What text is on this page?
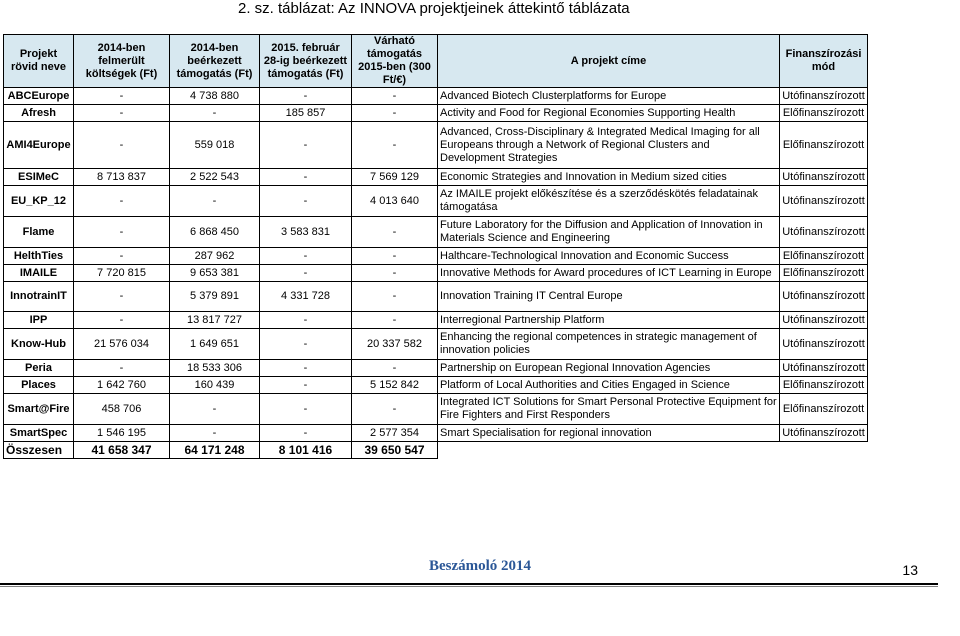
2. sz. táblázat: Az INNOVA projektjeinek áttekintő táblázata
Projekt rövid neve	2014-ben felmerült költségek (Ft)	2014-ben beérkezett támogatás (Ft)	2015. február 28-ig beérkezett támogatás (Ft)	Várható támogatás 2015-ben (300 Ft/€)	A projekt címe	Finanszírozási mód
ABCEurope	-	4 738 880	-	-	Advanced Biotech Clusterplatforms for Europe	Utófinanszírozott
Afresh	-	-	185 857	-	Activity and Food for Regional Economies Supporting Health	Előfinanszírozott
AMI4Europe	-	559 018	-	-	Advanced, Cross-Disciplinary & Integrated Medical Imaging for all Europeans through a Network of Regional Clusters and Development Strategies	Előfinanszírozott
ESIMeC	8 713 837	2 522 543	-	7 569 129	Economic Strategies and Innovation in Medium sized cities	Utófinanszírozott
EU_KP_12	-	-	-	4 013 640	Az IMAILE projekt előkészítése és a szerződéskötés feladatainak támogatása	Utófinanszírozott
Flame	-	6 868 450	3 583 831	-	Future Laboratory for the Diffusion and Application of Innovation in Materials Science and Engineering	Utófinanszírozott
HelthTies	-	287 962	-	-	Halthcare-Technological Innovation and Economic Success	Előfinanszírozott
IMAILE	7 720 815	9 653 381	-	-	Innovative Methods for Award procedures of ICT Learning in Europe	Előfinanszírozott
InnotrainIT	-	5 379 891	4 331 728	-	Innovation Training IT Central Europe	Utófinanszírozott
IPP	-	13 817 727	-	-	Interregional Partnership Platform	Utófinanszírozott
Know-Hub	21 576 034	1 649 651	-	20 337 582	Enhancing the regional competences in strategic management of innovation policies	Utófinanszírozott
Peria	-	18 533 306	-	-	Partnership on European Regional Innovation Agencies	Utófinanszírozott
Places	1 642 760	160 439	-	5 152 842	Platform of Local Authorities and Cities Engaged in Science	Előfinanszírozott
Smart@Fire	458 706	-	-	-	Integrated ICT Solutions for Smart Personal Protective Equipment for Fire Fighters and First Responders	Előfinanszírozott
SmartSpec	1 546 195	-	-	2 577 354	Smart Specialisation for regional innovation	Utófinanszírozott
Összesen	41 658 347	64 171 248	8 101 416	39 650 547		
Beszámoló 2014	13
